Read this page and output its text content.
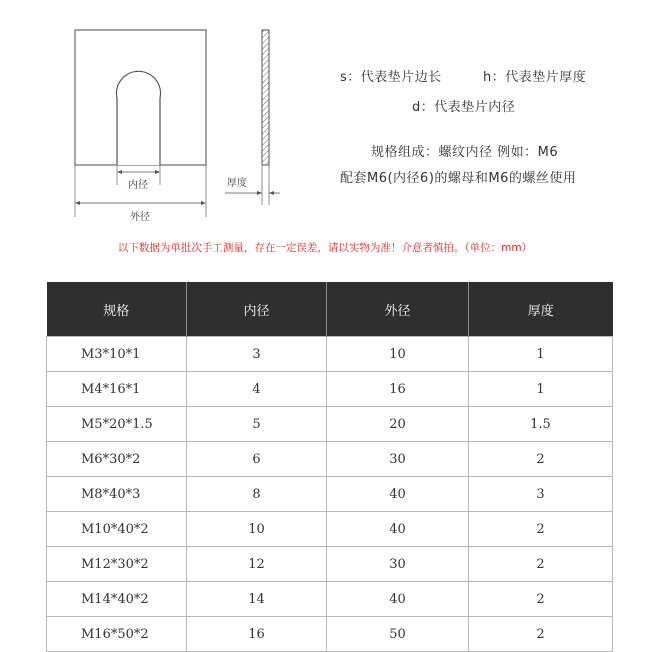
内径
外径
厚度
s：代表垫片边长	h：代表垫片厚度
d：代表垫片内径
规格组成：螺纹内径 例如：M6
配套M6(内径6)的螺母和M6的螺丝使用
以下数据为单批次手工测量，存在一定误差，请以实物为准！介意者慎拍。（单位：mm）
规格	内径	外径	厚度
M3*10*1	3	10	1
M4*16*1	4	16	1
M5*20*1.5	5	20	1.5
M6*30*2	6	30	2
M8*40*3	8	40	3
M10*40*2	10	40	2
M12*30*2	12	30	2
M14*40*2	14	40	2
M16*50*2	16	50	2
